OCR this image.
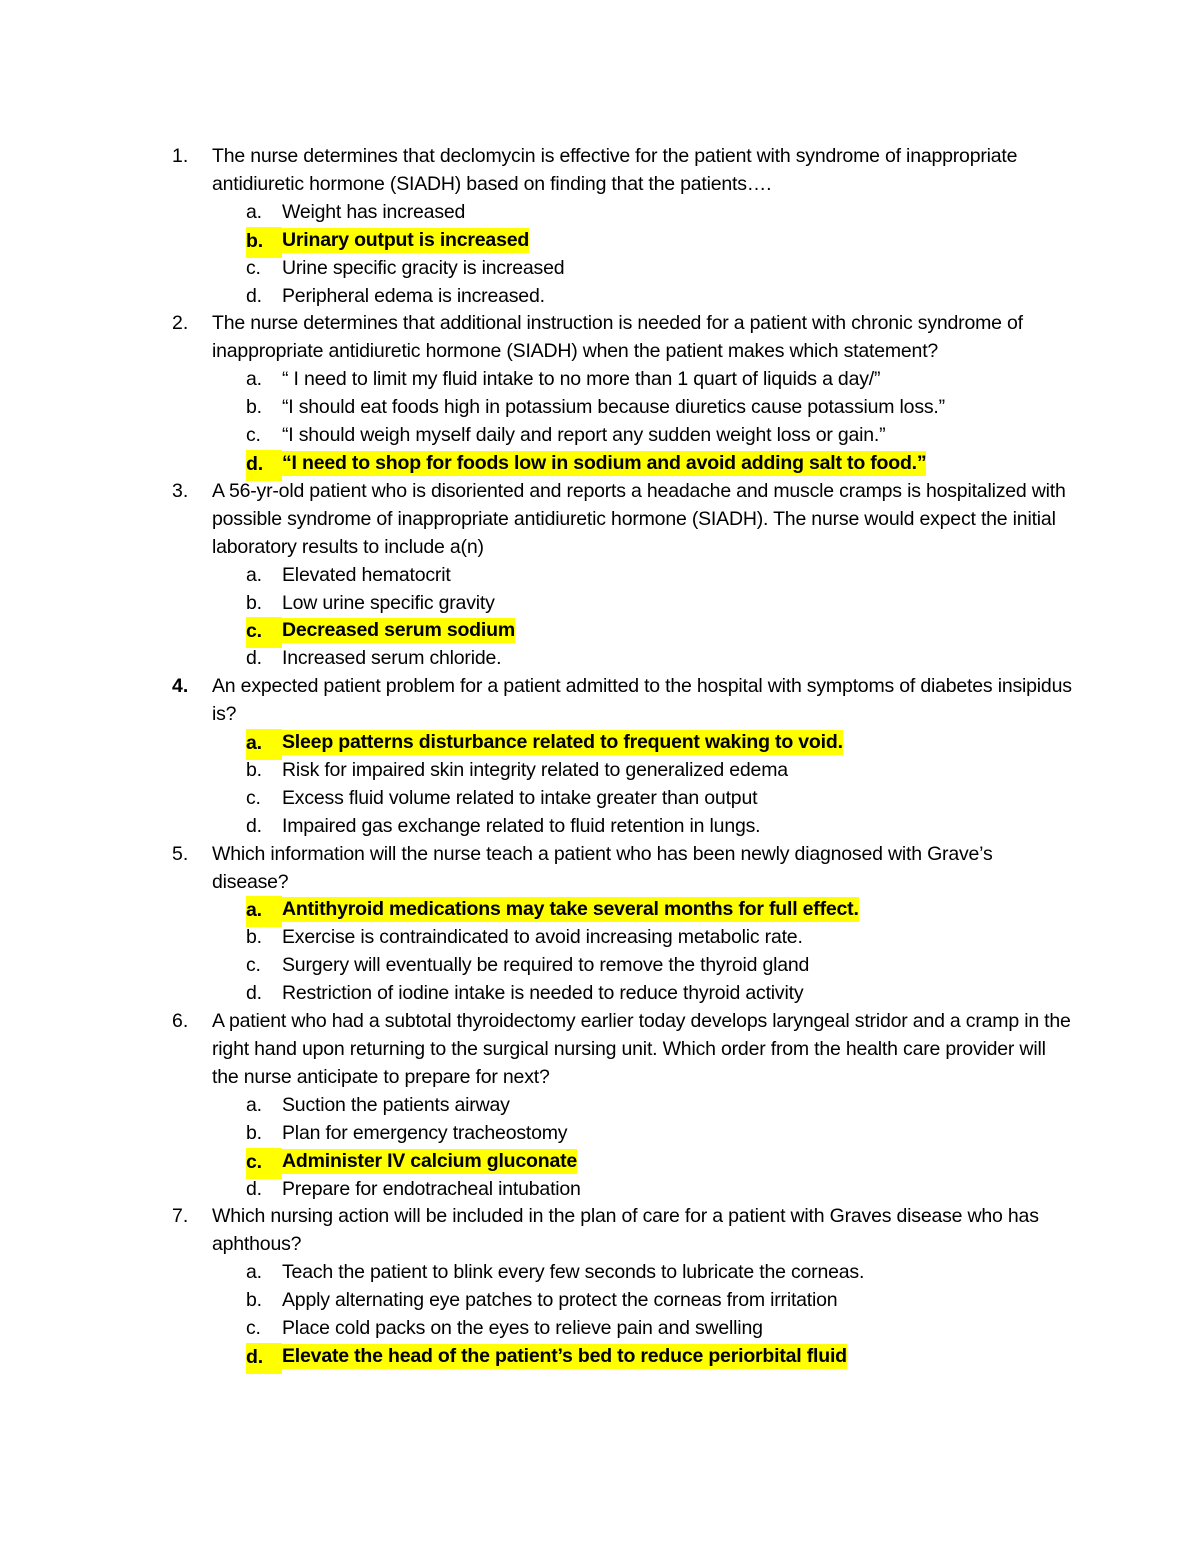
1. The nurse determines that declomycin is effective for the patient with syndrome of inappropriate antidiuretic hormone (SIADH) based on finding that the patients….
a. Weight has increased
b. Urinary output is increased
c. Urine specific gracity is increased
d. Peripheral edema is increased.
2. The nurse determines that additional instruction is needed for a patient with chronic syndrome of inappropriate antidiuretic hormone (SIADH) when the patient makes which statement?
a. “ I need to limit my fluid intake to no more than 1 quart of liquids a day/”
b. “I should eat foods high in potassium because diuretics cause potassium loss.”
c. “I should weigh myself daily and report any sudden weight loss or gain.”
d. “I need to shop for foods low in sodium and avoid adding salt to food.”
3. A 56-yr-old patient who is disoriented and reports a headache and muscle cramps is hospitalized with possible syndrome of inappropriate antidiuretic hormone (SIADH). The nurse would expect the initial laboratory results to include a(n)
a. Elevated hematocrit
b. Low urine specific gravity
c.	Decreased serum sodium
d. Increased serum chloride.
4. An expected patient problem for a patient admitted to the hospital with symptoms of diabetes insipidus is?
a.	Sleep patterns disturbance related to frequent waking to void.
b. Risk for impaired skin integrity related to generalized edema
c. Excess fluid volume related to intake greater than output
d. Impaired gas exchange related to fluid retention in lungs.
5. Which information will the nurse teach a patient who has been newly diagnosed with Grave’s disease?
a.	Antithyroid medications may take several months for full effect.
b. Exercise is contraindicated to avoid increasing metabolic rate.
c. Surgery will eventually be required to remove the thyroid gland
d. Restriction of iodine intake is needed to reduce thyroid activity
6. A patient who had a subtotal thyroidectomy earlier today develops laryngeal stridor and a cramp in the right hand upon returning to the surgical nursing unit. Which order from the health care provider will the nurse anticipate to prepare for next?
a. Suction the patients airway
b. Plan for emergency tracheostomy
c.	Administer IV calcium gluconate
d. Prepare for endotracheal intubation
7. Which nursing action will be included in the plan of care for a patient with Graves disease who has aphthous?
a. Teach the patient to blink every few seconds to lubricate the corneas.
b. Apply alternating eye patches to protect the corneas from irritation
c. Place cold packs on the eyes to relieve pain and swelling
d. Elevate the head of the patient’s bed to reduce periorbital fluid
